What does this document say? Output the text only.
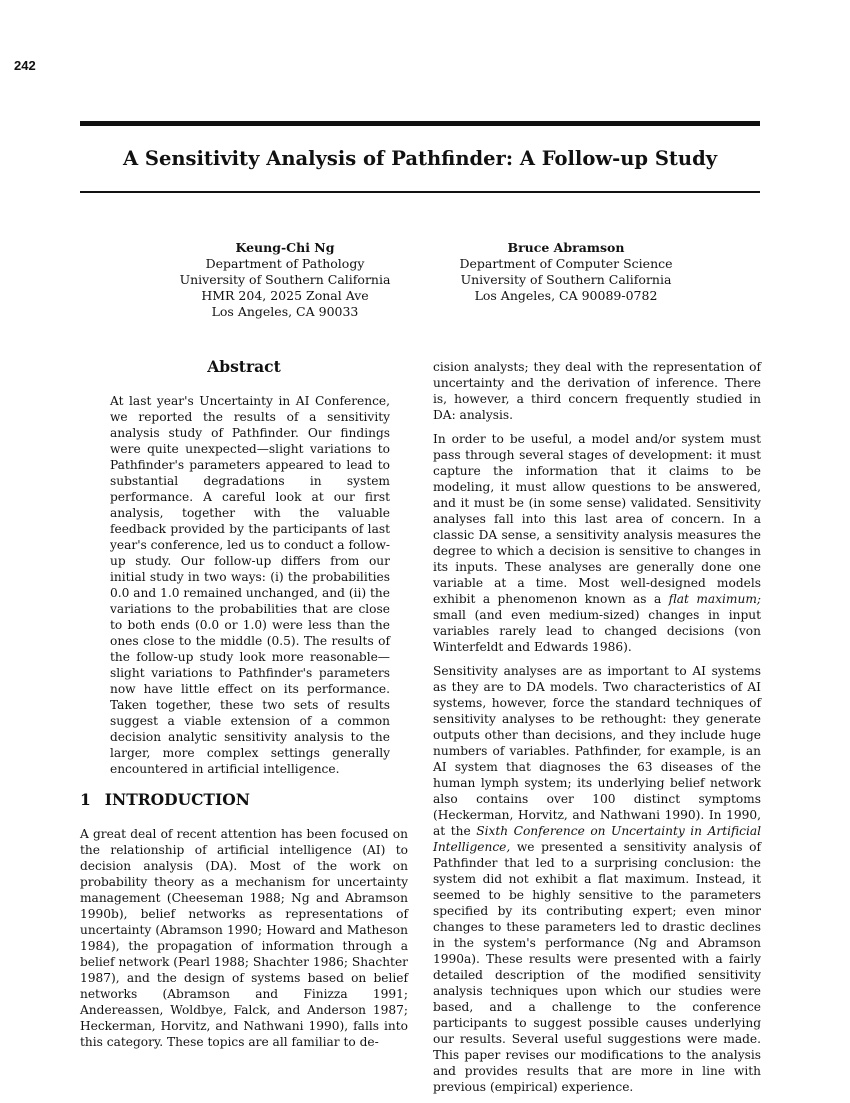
242
A Sensitivity Analysis of Pathfinder: A Follow-up Study
Keung-Chi Ng
Department of Pathology
University of Southern California
HMR 204, 2025 Zonal Ave
Los Angeles, CA 90033
Bruce Abramson
Department of Computer Science
University of Southern California
Los Angeles, CA 90089-0782
Abstract

At last year's Uncertainty in AI Conference, we reported the results of a sensitivity analysis study of Pathfinder. Our findings were quite unexpected—slight variations to Pathfinder's parameters appeared to lead to substantial degradations in system performance. A careful look at our first analysis, together with the valuable feedback provided by the participants of last year's conference, led us to conduct a follow-up study. Our follow-up differs from our initial study in two ways: (i) the probabilities 0.0 and 1.0 remained unchanged, and (ii) the variations to the probabilities that are close to both ends (0.0 or 1.0) were less than the ones close to the middle (0.5). The results of the follow-up study look more reasonable—slight variations to Pathfinder's parameters now have little effect on its performance. Taken together, these two sets of results suggest a viable extension of a common decision analytic sensitivity analysis to the larger, more complex settings generally encountered in artificial intelligence.

1 INTRODUCTION
A great deal of recent attention has been focused on the relationship of artificial intelligence (AI) to decision analysis (DA). Most of the work on probability theory as a mechanism for uncertainty management (Cheeseman 1988; Ng and Abramson 1990b), belief networks as representations of uncertainty (Abramson 1990; Howard and Matheson 1984), the propagation of information through a belief network (Pearl 1988; Shachter 1986; Shachter 1987), and the design of systems based on belief networks (Abramson and Finizza 1991; Andereassen, Woldbye, Falck, and Anderson 1987; Heckerman, Horvitz, and Nathwani 1990), falls into this category. These topics are all familiar to de-

cision analysts; they deal with the representation of uncertainty and the derivation of inference. There is, however, a third concern frequently studied in DA: analysis.

In order to be useful, a model and/or system must pass through several stages of development: it must capture the information that it claims to be modeling, it must allow questions to be answered, and it must be (in some sense) validated. Sensitivity analyses fall into this last area of concern. In a classic DA sense, a sensitivity analysis measures the degree to which a decision is sensitive to changes in its inputs. These analyses are generally done one variable at a time. Most well-designed models exhibit a phenomenon known as a flat maximum; small (and even medium-sized) changes in input variables rarely lead to changed decisions (von Winterfeldt and Edwards 1986).

Sensitivity analyses are as important to AI systems as they are to DA models. Two characteristics of AI systems, however, force the standard techniques of sensitivity analyses to be rethought: they generate outputs other than decisions, and they include huge numbers of variables. Pathfinder, for example, is an AI system that diagnoses the 63 diseases of the human lymph system; its underlying belief network also contains over 100 distinct symptoms (Heckerman, Horvitz, and Nathwani 1990). In 1990, at the Sixth Conference on Uncertainty in Artificial Intelligence, we presented a sensitivity analysis of Pathfinder that led to a surprising conclusion: the system did not exhibit a flat maximum. Instead, it seemed to be highly sensitive to the parameters specified by its contributing expert; even minor changes to these parameters led to drastic declines in the system's performance (Ng and Abramson 1990a). These results were presented with a fairly detailed description of the modified sensitivity analysis techniques upon which our studies were based, and a challenge to the conference participants to suggest possible causes underlying our results. Several useful suggestions were made. This paper revises our modifications to the analysis and provides results that are more in line with previous (empirical) experience.
